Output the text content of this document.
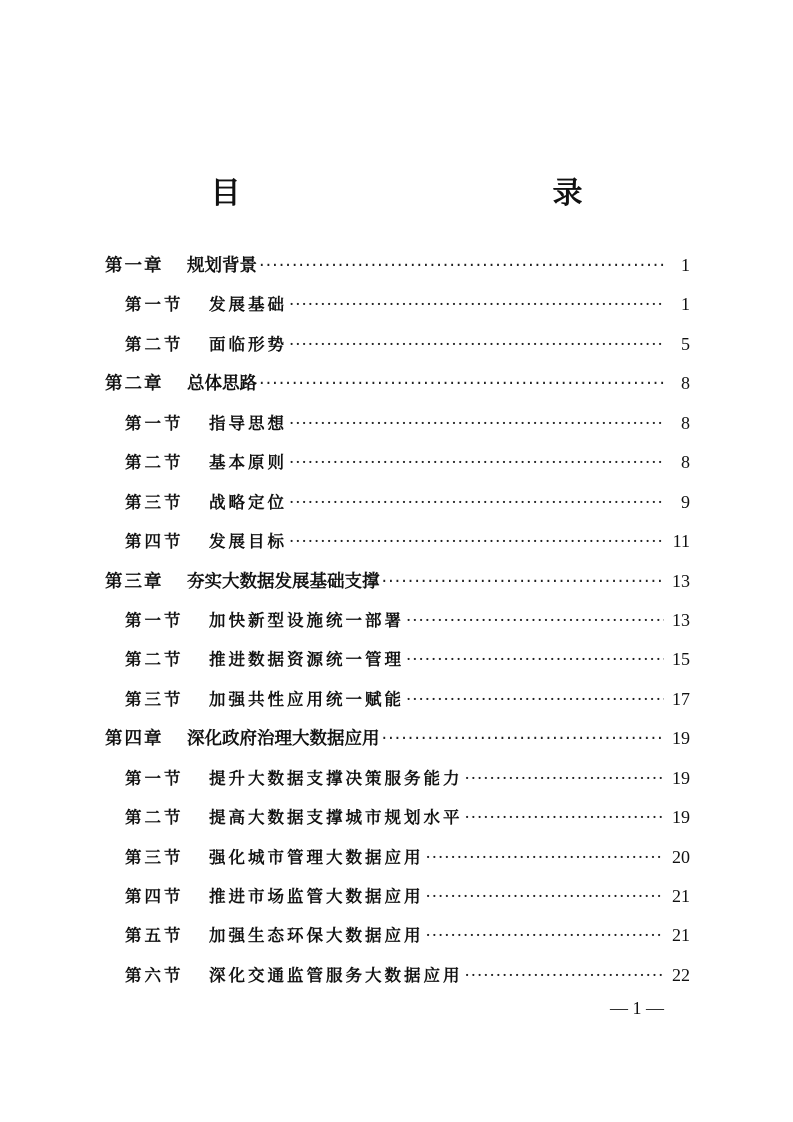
目　　录
第一章	规划背景 ·····	1
第一节	发展基础 ·····	1
第二节	面临形势 ·····	5
第二章	总体思路 ·····	8
第一节	指导思想 ·····	8
第二节	基本原则 ·····	8
第三节	战略定位 ·····	9
第四节	发展目标 ·····	11
第三章	夯实大数据发展基础支撑 ·····	13
第一节	加快新型设施统一部署 ·····	13
第二节	推进数据资源统一管理 ·····	15
第三节	加强共性应用统一赋能 ·····	17
第四章	深化政府治理大数据应用 ·····	19
第一节	提升大数据支撑决策服务能力 ·····	19
第二节	提高大数据支撑城市规划水平 ·····	19
第三节	强化城市管理大数据应用 ·····	20
第四节	推进市场监管大数据应用 ·····	21
第五节	加强生态环保大数据应用 ·····	21
第六节	深化交通监管服务大数据应用 ·····	22
— 1 —
